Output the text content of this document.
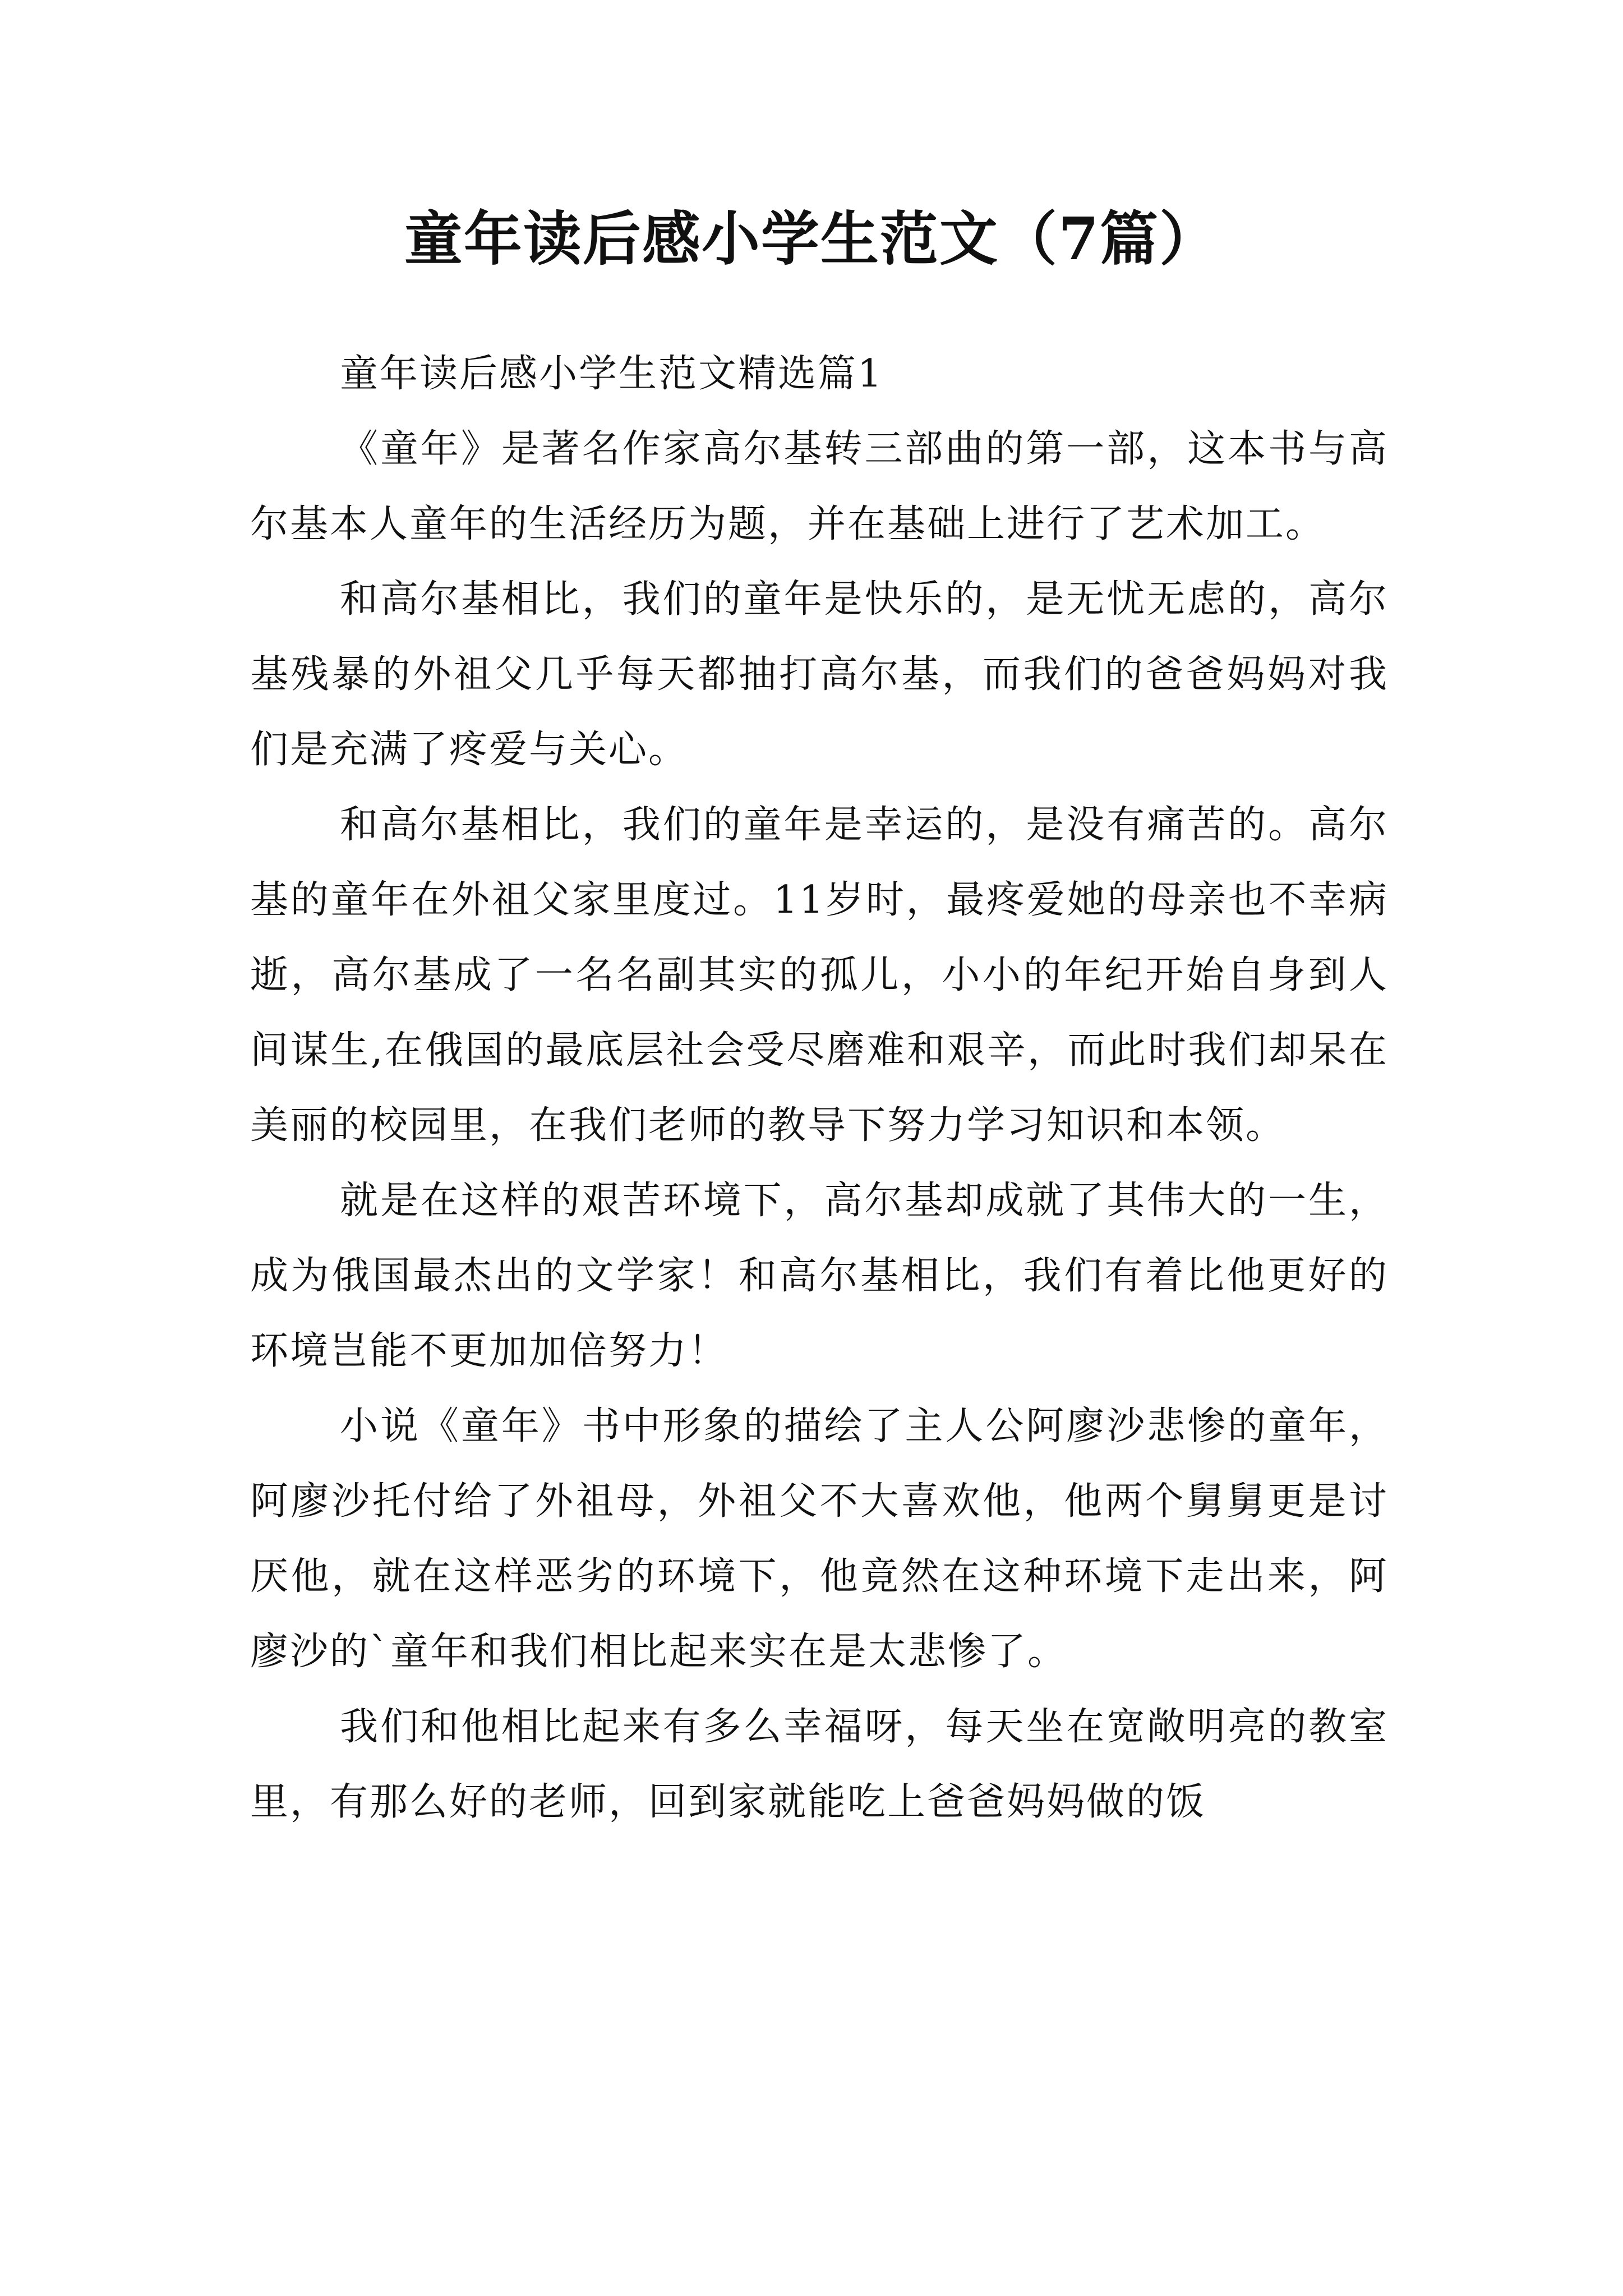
童年读后感小学生范文（7篇）

童年读后感小学生范文精选篇1

《童年》是著名作家高尔基转三部曲的第一部，这本书与高尔基本人童年的生活经历为题，并在基础上进行了艺术加工。

和高尔基相比，我们的童年是快乐的，是无忧无虑的，高尔基残暴的外祖父几乎每天都抽打高尔基，而我们的爸爸妈妈对我们是充满了疼爱与关心。

和高尔基相比，我们的童年是幸运的，是没有痛苦的。高尔基的童年在外祖父家里度过。11岁时，最疼爱她的母亲也不幸病逝，高尔基成了一名名副其实的孤儿，小小的年纪开始自身到人间谋生,在俄国的最底层社会受尽磨难和艰辛，而此时我们却呆在美丽的校园里，在我们老师的教导下努力学习知识和本领。

就是在这样的艰苦环境下，高尔基却成就了其伟大的一生，成为俄国最杰出的文学家！和高尔基相比，我们有着比他更好的环境岂能不更加加倍努力！

小说《童年》书中形象的描绘了主人公阿廖沙悲惨的童年，阿廖沙托付给了外祖母，外祖父不大喜欢他，他两个舅舅更是讨厌他，就在这样恶劣的环境下，他竟然在这种环境下走出来，阿廖沙的`童年和我们相比起来实在是太悲惨了。

我们和他相比起来有多么幸福呀，每天坐在宽敞明亮的教室里，有那么好的老师，回到家就能吃上爸爸妈妈做的饭
